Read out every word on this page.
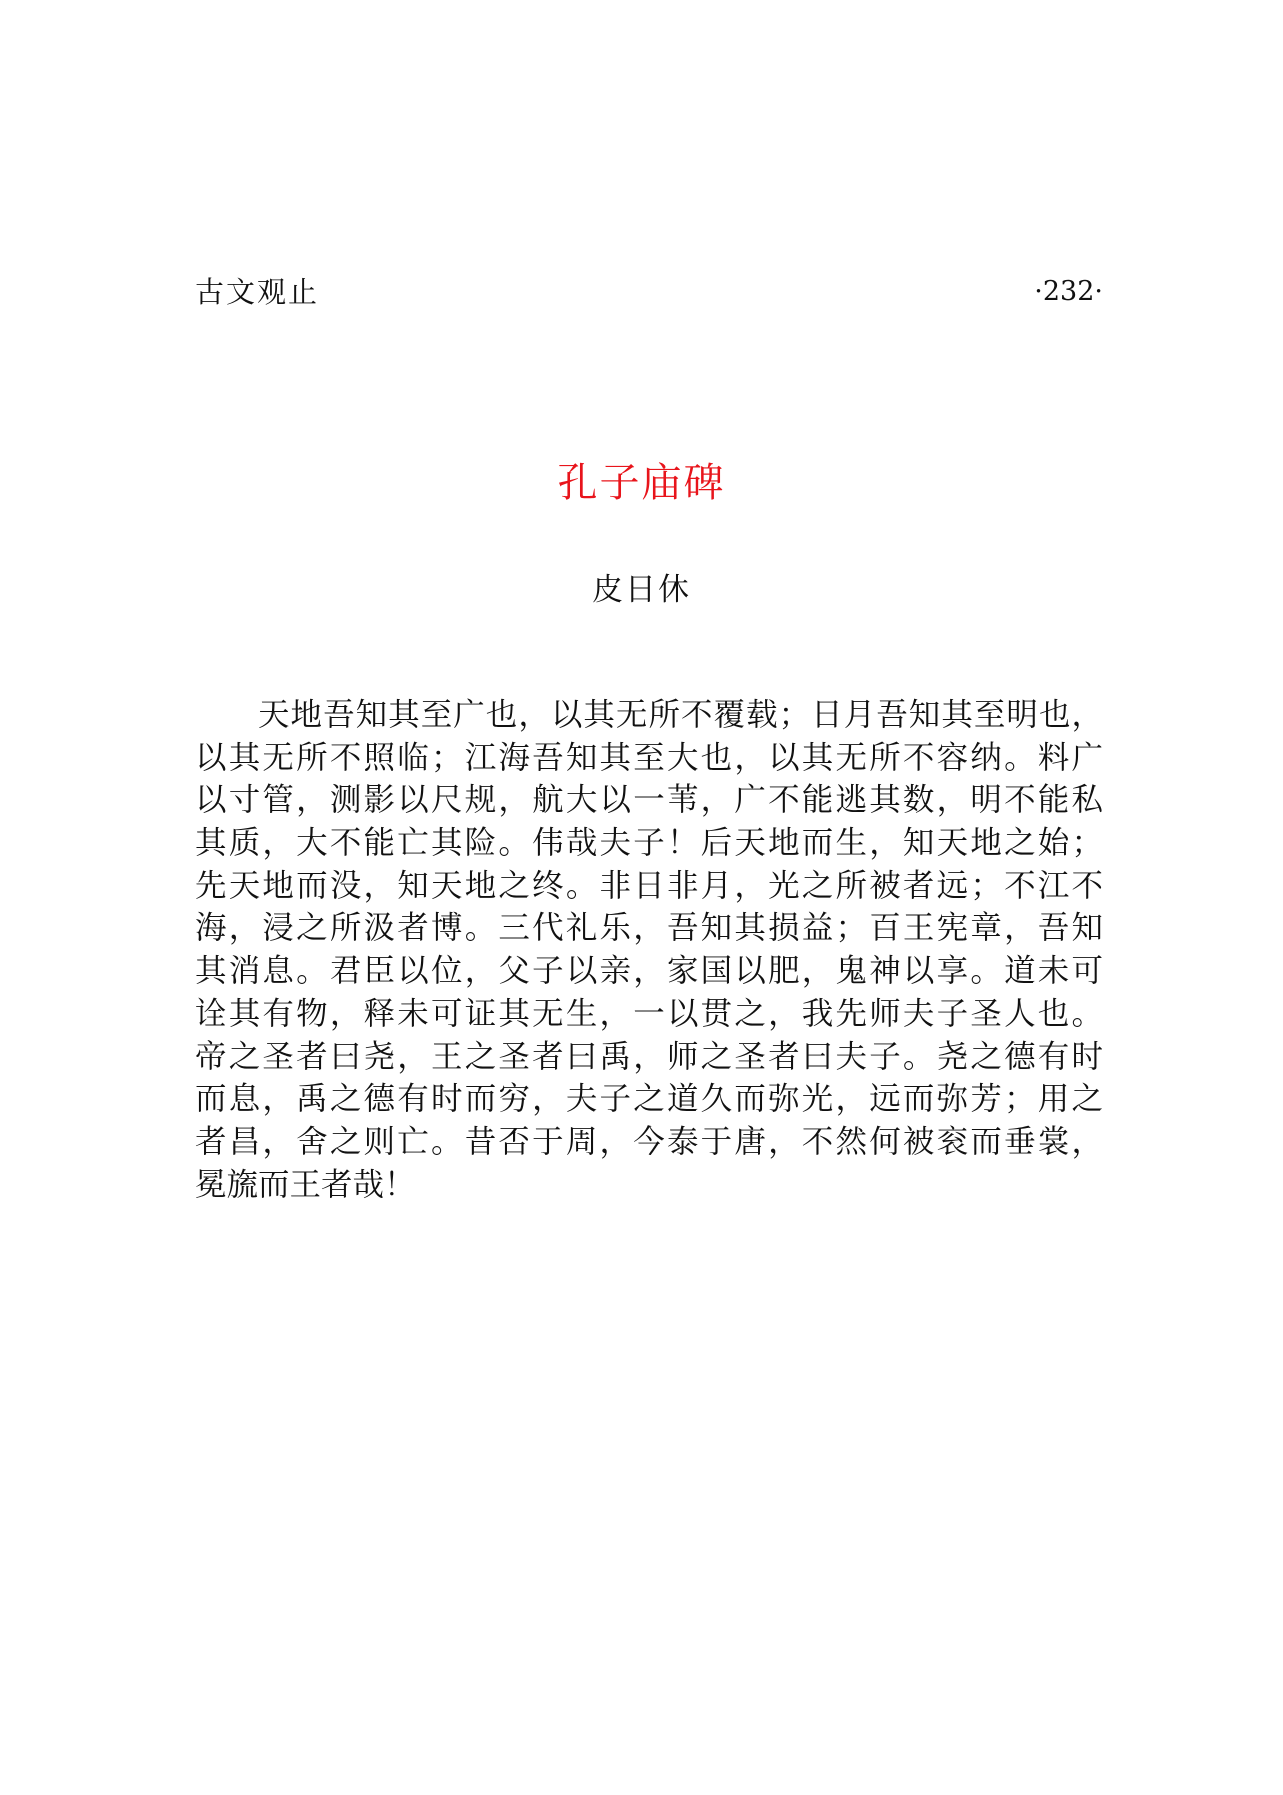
古文观止	·232·
孔子庙碑
皮日休
天地吾知其至广也，以其无所不覆载；日月吾知其至明也，
以其无所不照临；江海吾知其至大也，以其无所不容纳。料广
以寸管，测影以尺规，航大以一苇，广不能逃其数，明不能私
其质，大不能亡其险。伟哉夫子！后天地而生，知天地之始；
先天地而没，知天地之终。非日非月，光之所被者远；不江不
海，浸之所汲者博。三代礼乐，吾知其损益；百王宪章，吾知
其消息。君臣以位，父子以亲，家国以肥，鬼神以享。道未可
诠其有物，释未可证其无生，一以贯之，我先师夫子圣人也。
帝之圣者曰尧，王之圣者曰禹，师之圣者曰夫子。尧之德有时
而息，禹之德有时而穷，夫子之道久而弥光，远而弥芳；用之
者昌，舍之则亡。昔否于周，今泰于唐，不然何被衮而垂裳，
冕旒而王者哉！
